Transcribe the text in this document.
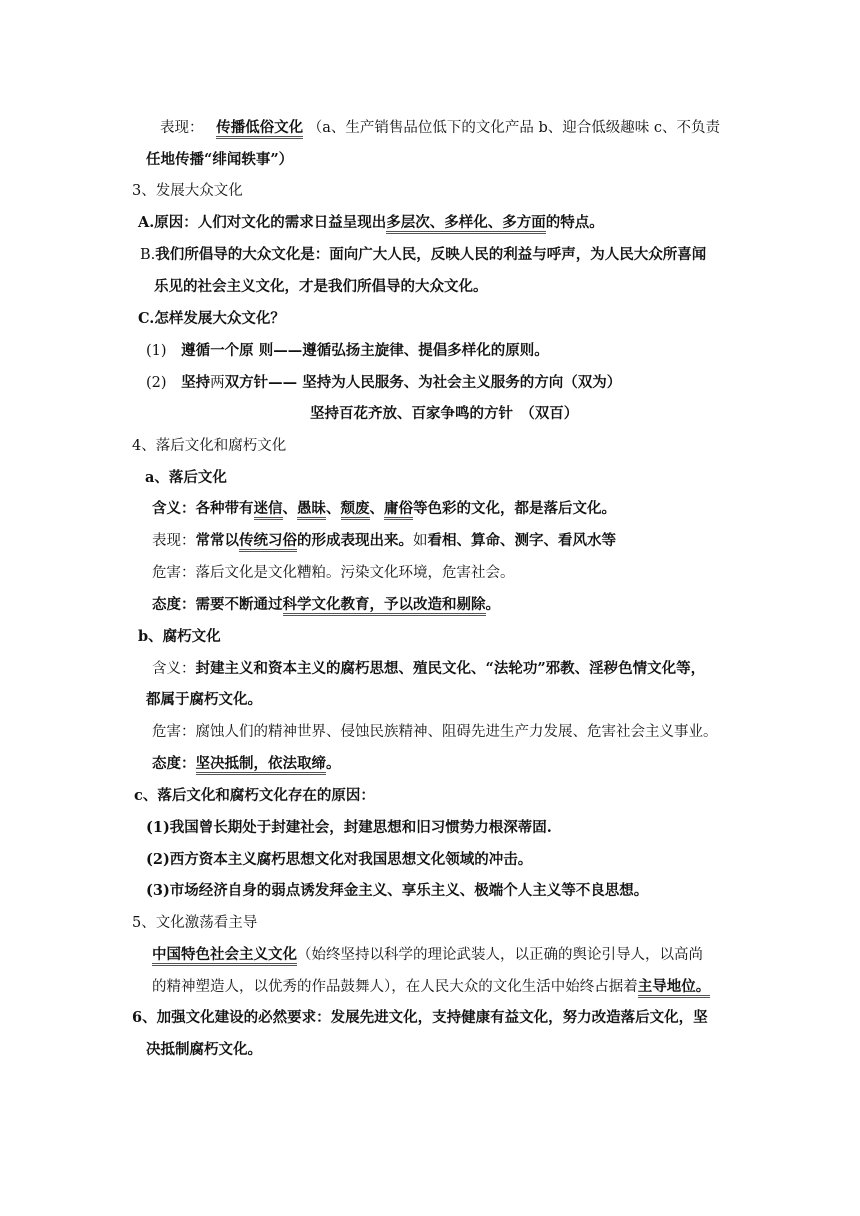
表现： 传播低俗文化 （a、生产销售品位低下的文化产品 b、迎合低级趣味 c、不负责
任地传播“绯闻轶事”）
3、发展大众文化
A.原因：人们对文化的需求日益呈现出多层次、多样化、多方面的特点。
B.我们所倡导的大众文化是：面向广大人民，反映人民的利益与呼声，为人民大众所喜闻
乐见的社会主义文化，才是我们所倡导的大众文化。
C.怎样发展大众文化？
(1) 遵循一个原 则——遵循弘扬主旋律、提倡多样化的原则。
(2) 坚持两双方针—— 坚持为人民服务、为社会主义服务的方向（双为）
坚持百花齐放、百家争鸣的方针　（双百）
4、落后文化和腐朽文化
a、落后文化
含义：各种带有迷信、愚昧、颓废、庸俗等色彩的文化，都是落后文化。
表现：常常以传统习俗的形成表现出来。如看相、算命、测字、看风水等
危害：落后文化是文化糟粕。污染文化环境，危害社会。
态度：需要不断通过科学文化教育，予以改造和剔除。
b、腐朽文化
含义：封建主义和资本主义的腐朽思想、殖民文化、“法轮功”邪教、淫秽色情文化等，
都属于腐朽文化。
危害：腐蚀人们的精神世界、侵蚀民族精神、阻碍先进生产力发展、危害社会主义事业。
态度：坚决抵制，依法取缔。
c、落后文化和腐朽文化存在的原因：
(1)我国曾长期处于封建社会，封建思想和旧习惯势力根深蒂固.
(2)西方资本主义腐朽思想文化对我国思想文化领域的冲击。
(3)市场经济自身的弱点诱发拜金主义、享乐主义、极端个人主义等不良思想。
5、文化激荡看主导
中国特色社会主义文化（始终坚持以科学的理论武装人，以正确的舆论引导人，以高尚
的精神塑造人，以优秀的作品鼓舞人），在人民大众的文化生活中始终占据着主导地位。
6、加强文化建设的必然要求：发展先进文化，支持健康有益文化，努力改造落后文化，坚
决抵制腐朽文化。
